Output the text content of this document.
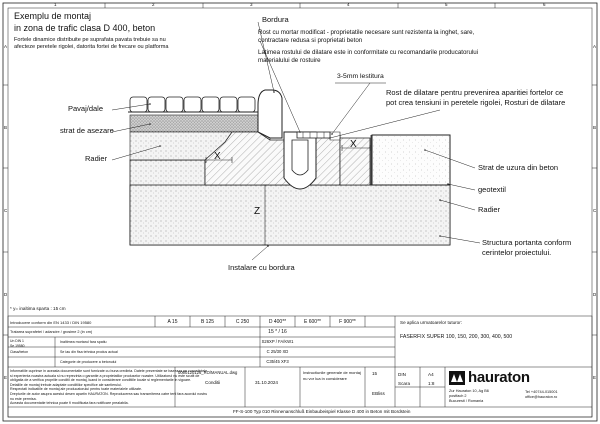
1	2	3	4	5	6
A
B
C
D
E
A
B
C
D
E
Exemplu de montaj
in zona de trafic clasa D 400, beton
Fortele dinamice distribuite pe suprafata pavata trebuie sa nu
afecteze peretele rigolei, datorita fortei de frecare ou platforma
X
X
Z
Bordura
Rost cu mortar modificat - proprietatile necesare sunt rezistenta la inghet, sare,
contractare redusa si proprietati beton
Latimea rostului de dilatare este in conformitate cu recomandarile producatorului
materialului de rostuire
3-5mm lestitura
Rost de dilatare pentru prevenirea aparitiei fortelor ce
pot crea tensiuni in peretele rigolei, Rosturi de dilatare
Pavaj/dale
strat de asezare
Radier
Strat de uzura din beton
geotextil
Radier
Structura portanta conform
cerintelor proiectului.
Instalare cu bordura
* y= inaltima sparta : 15 cm
Introducere conform din EN 1433 / DIN 19580	A 15	B 125	C 250	D 400**	E 600**	F 900**
Tratarea suprafetei / adancire / grosime 2 (in cm)	15 * / 16
Inaltimea mortarul fara spatiu	S26XP / FA/KW1
Se iau din fisa tehnica produs actual	C 25/30 XD
Categorie de producere a betonului	C35/45 XF3
Un DIN 1
Se 19580
Clasa/beton
Se aplica urmatoarelor tuturor:
FASERFIX SUPER 100, 150, 200, 300, 400, 500
Informatiile cuprinse in aceasta documentatie sunt furnizate cu buna credinta. Datele prezentate se bazeaza pe cunostintele
si experienta noastra actuala si nu reprezinta o garantie a proprietatilor produselor noastre. Utilizatorul nu este scutit de
obligatia de a verifica propriile conditii de montaj, luand in considerare conditiile locale si reglementarile in vigoare.
Detaliile de montaj trebuie adaptate conditiilor specifice ale santierului.
Respectati indicatiile de montaj ale producatorului pentru toate materialele utilizate.
Drepturile de autor asupra acestui desen apartin HAURATON. Reproducerea sau transmiterea catre terti fara acordul nostru
nu este permisa.
Aceasta documentatie tehnica poate fi modificata fara notificare prealabila.
0000120126_RO/MANUAL.dwg
Conditii	31.10.2024
Instructiunile generale de montaj
nu vor lua in considerare
15
EBliss
DIN	A4
Scara	1:8 hauraton
Zur Hauraton 10, Ag B6
postfach 2
Bucuresti / Romania
Tel +40744-015001
office@hauraton.ro
FF-S-100 Typ 010 Rinnenanschluß Einbaubeispiel Klasse D 400 in Beton mit Bordstein
